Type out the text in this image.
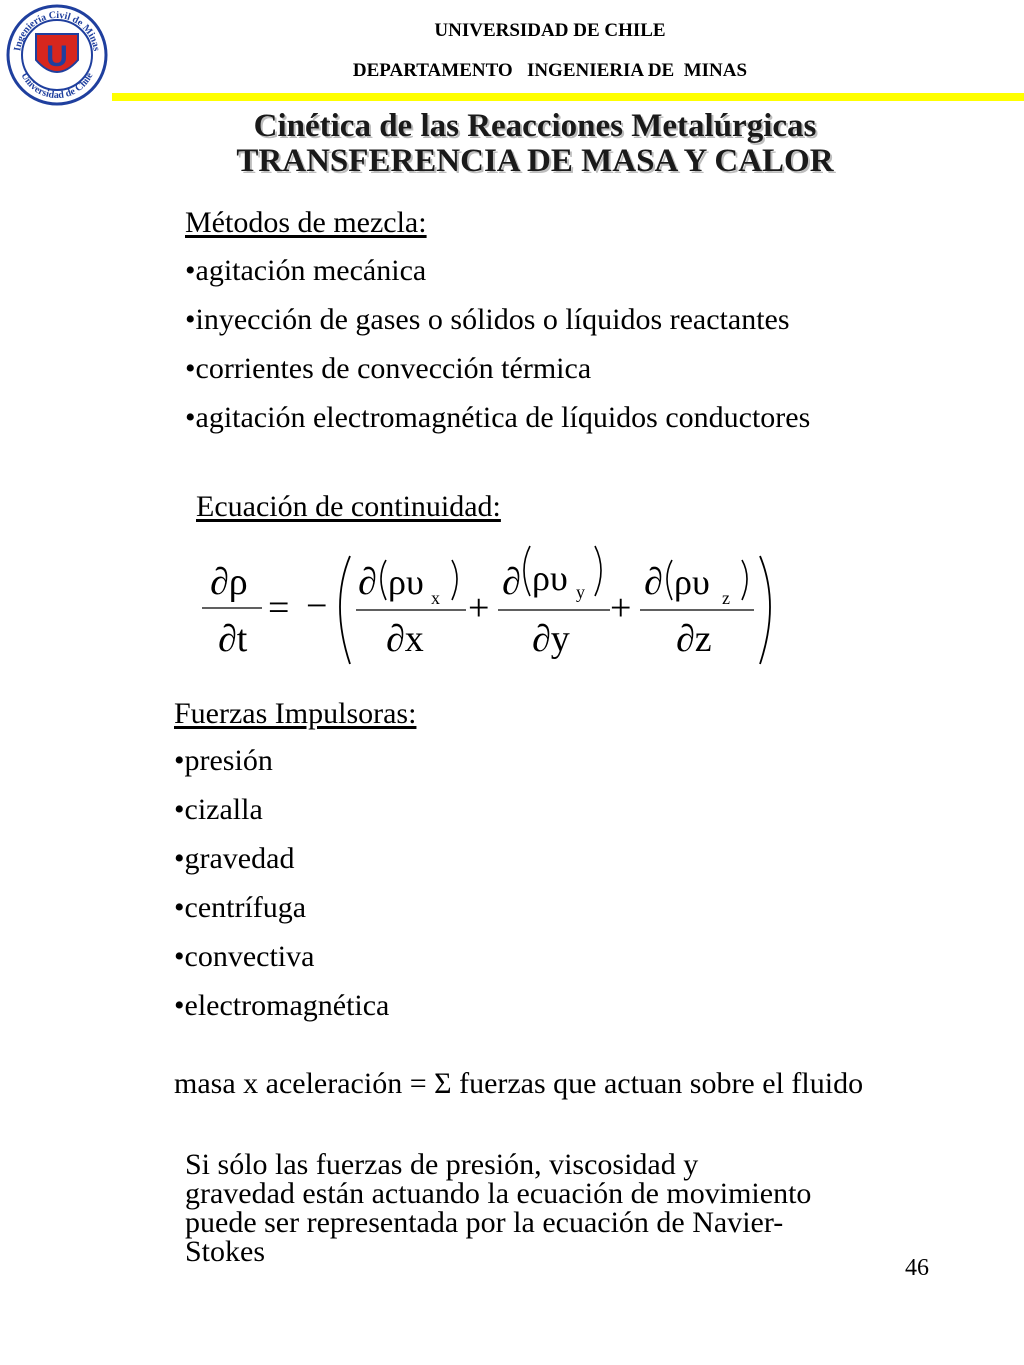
Ingeniería Civil de Minas
Universidad de Chile
U
UNIVERSIDAD DE CHILE
DEPARTAMENTO   INGENIERIA DE  MINAS
Cinética de las Reacciones Metalúrgicas
TRANSFERENCIA DE MASA Y CALOR
Métodos de mezcla:
•agitación mecánica
•inyección de gases o sólidos o líquidos reactantes
•corrientes de convección térmica
•agitación electromagnética de líquidos conductores
Ecuación de continuidad:
∂ρ
∂t
= −
∂ ρυ x
∂x
+
∂ ρυ y
∂y
+
∂ ρυ z
∂z
Fuerzas Impulsoras:
•presión
•cizalla
•gravedad
•centrífuga
•convectiva
•electromagnética
masa x aceleración = Σ fuerzas que actuan sobre el fluido
Si sólo las fuerzas de presión, viscosidad y
gravedad están actuando la ecuación de movimiento
puede ser representada por la ecuación de Navier-
Stokes	46
